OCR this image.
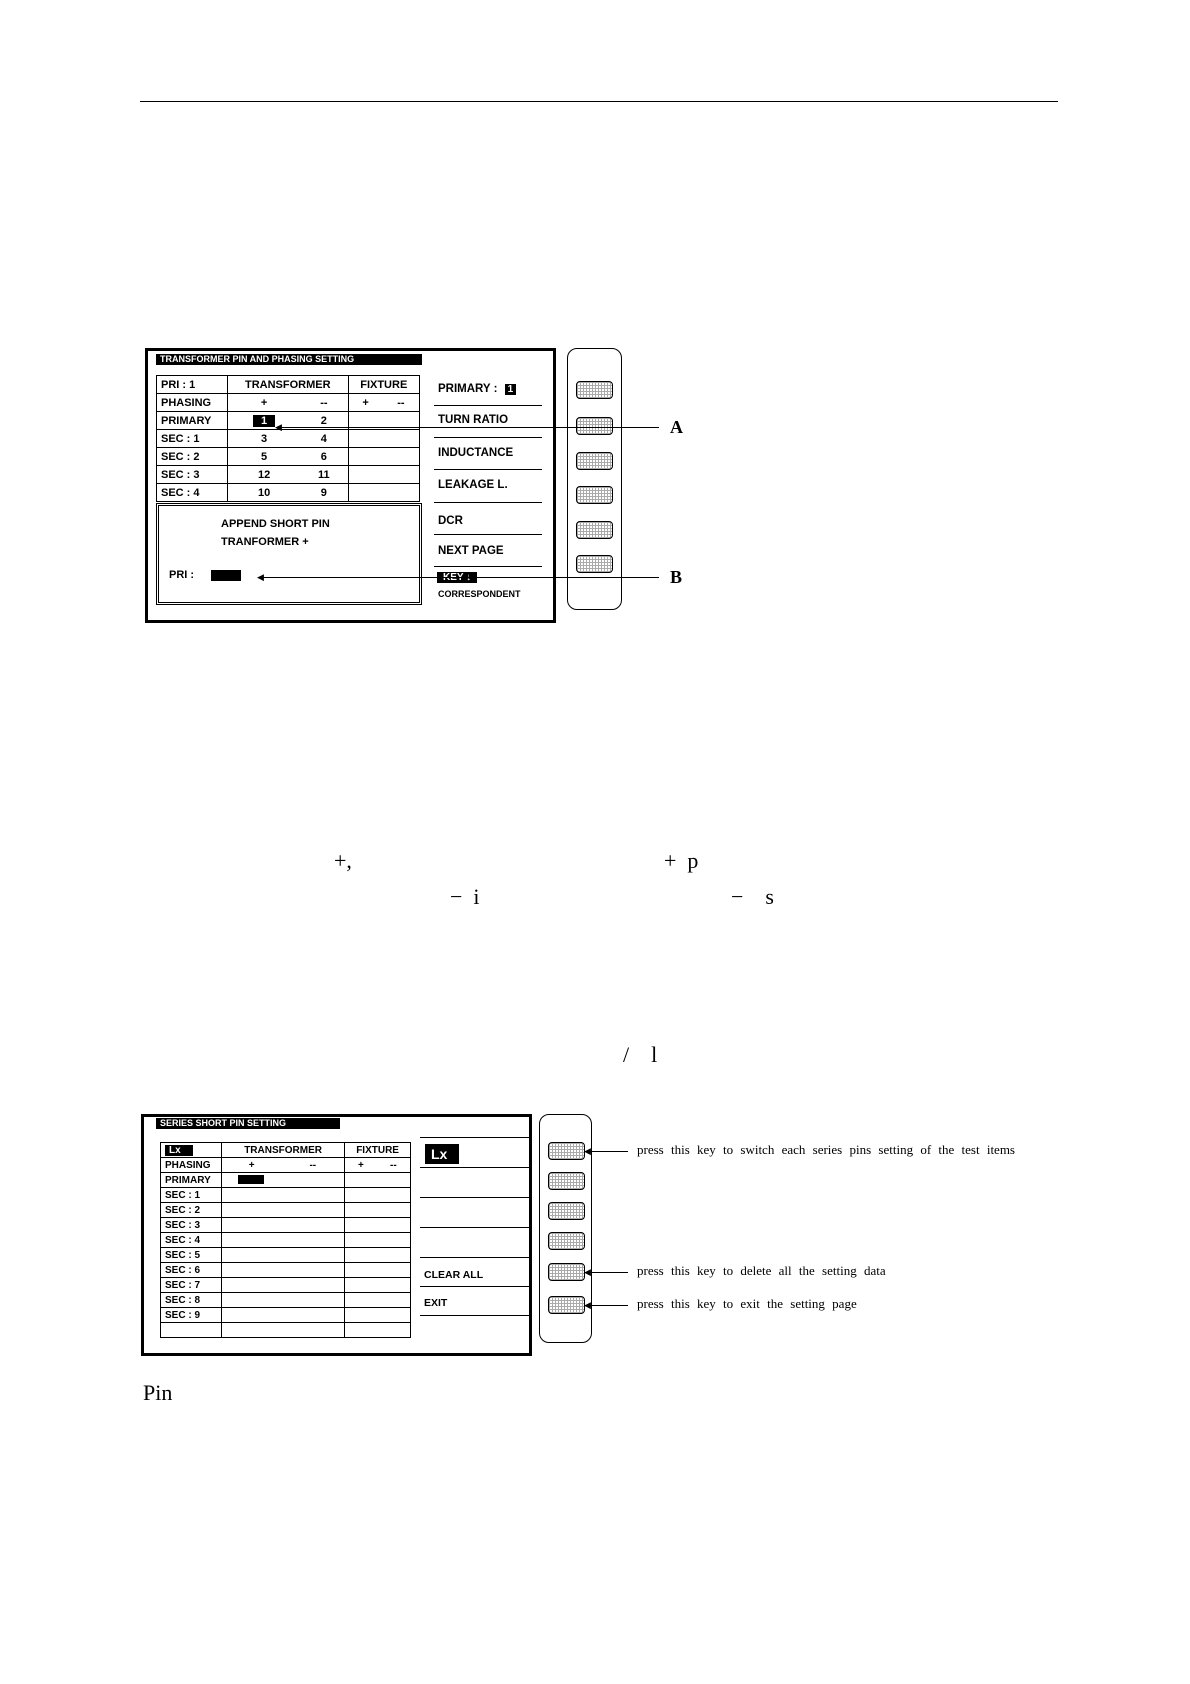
TRANSFORMER PIN AND PHASING SETTING
PRI : 1	TRANSFORMER		FIXTURE	
PHASING	+	--	+	--
PRIMARY	1	2		
SEC : 1	3	4		
SEC : 2	5	6		
SEC : 3	12	11		
SEC : 4	10	9		
APPEND SHORT PIN
TRANFORMER +
PRI :
PRIMARY : 1
TURN RATIO
INDUCTANCE
LEAKAGE L.
DCR
NEXT PAGE
CORRESPONDENT
◀	A
◀	B
+,	+  p
−  i	−    s
/    l
SERIES SHORT PIN SETTING
Lx	TRANSFORMER		FIXTURE	
PHASING	+	--	+	--
PRIMARY				
SEC : 1				
SEC : 2				
SEC : 3				
SEC : 4				
SEC : 5				
SEC : 6				
SEC : 7				
SEC : 8				
SEC : 9				

Lx
CLEAR ALL
EXIT
◀	press this key to switch each series pins setting of the test items
◀	press this key to delete all the setting data
◀	press this key to exit the setting page
Pin
